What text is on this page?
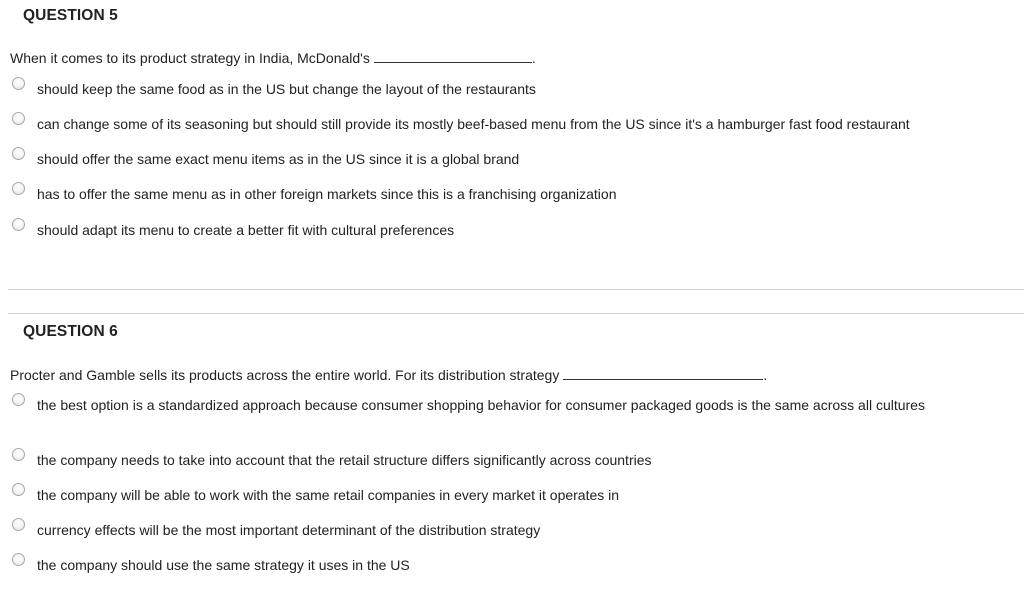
QUESTION 5
When it comes to its product strategy in India, McDonald's	.
should keep the same food as in the US but change the layout of the restaurants
can change some of its seasoning but should still provide its mostly beef-based menu from the US since it's a hamburger fast food restaurant
should offer the same exact menu items as in the US since it is a global brand
has to offer the same menu as in other foreign markets since this is a franchising organization
should adapt its menu to create a better fit with cultural preferences
QUESTION 6
Procter and Gamble sells its products across the entire world. For its distribution strategy	.
the best option is a standardized approach because consumer shopping behavior for consumer packaged goods is the same across all cultures
the company needs to take into account that the retail structure differs significantly across countries
the company will be able to work with the same retail companies in every market it operates in
currency effects will be the most important determinant of the distribution strategy
the company should use the same strategy it uses in the US
